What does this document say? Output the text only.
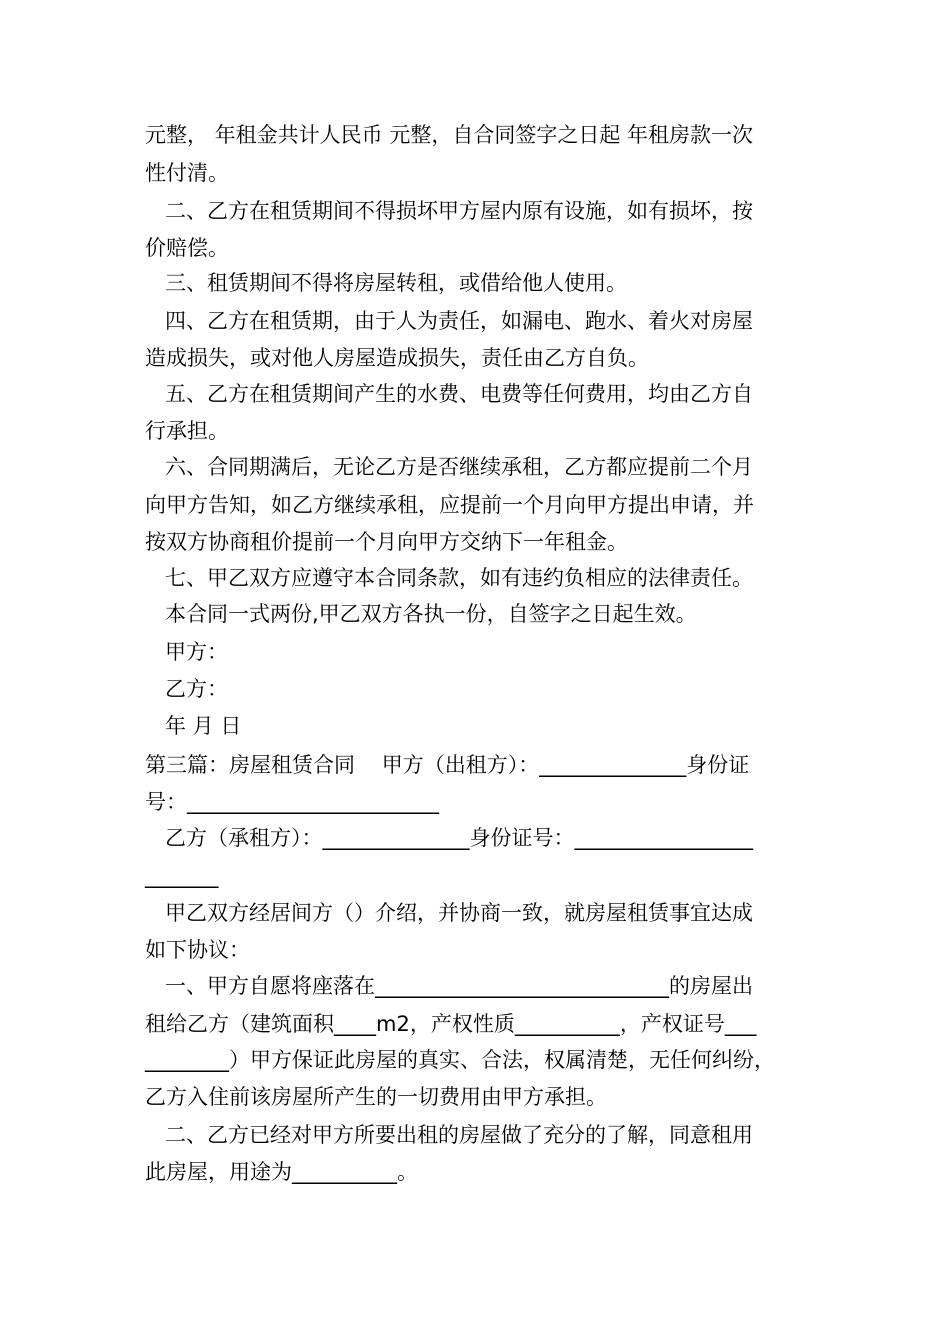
元整， 年租金共计人民币 元整，自合同签字之日起 年租房款一次
性付清。
二、乙方在租赁期间不得损坏甲方屋内原有设施，如有损坏，按
价赔偿。
三、租赁期间不得将房屋转租，或借给他人使用。
四、乙方在租赁期，由于人为责任，如漏电、跑水、着火对房屋
造成损失，或对他人房屋造成损失，责任由乙方自负。
五、乙方在租赁期间产生的水费、电费等任何费用，均由乙方自
行承担。
六、合同期满后，无论乙方是否继续承租，乙方都应提前二个月
向甲方告知，如乙方继续承租，应提前一个月向甲方提出申请，并
按双方协商租价提前一个月向甲方交纳下一年租金。
七、甲乙双方应遵守本合同条款，如有违约负相应的法律责任。
本合同一式两份,甲乙双方各执一份，自签字之日起生效。
甲方：
乙方：
年 月 日
第三篇：房屋租赁合同    甲方（出租方）：______________身份证
号：________________________
乙方（承租方）：______________身份证号：_________________
_______
甲乙双方经居间方（）介绍，并协商一致，就房屋租赁事宜达成
如下协议：
一、甲方自愿将座落在____________________________的房屋出
租给乙方（建筑面积____m2，产权性质__________，产权证号___
________）甲方保证此房屋的真实、合法，权属清楚，无任何纠纷，
乙方入住前该房屋所产生的一切费用由甲方承担。
二、乙方已经对甲方所要出租的房屋做了充分的了解，同意租用
此房屋，用途为__________。
